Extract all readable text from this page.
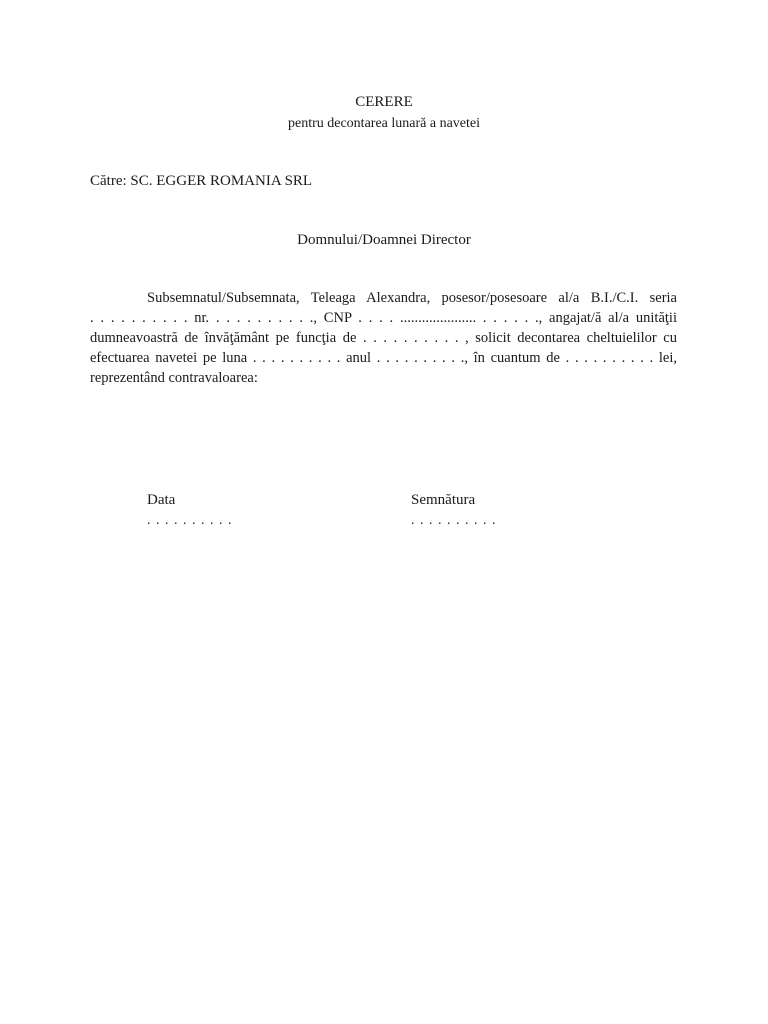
CERERE
pentru decontarea lunară a navetei
Către: SC. EGGER ROMANIA SRL
Domnului/Doamnei Director
Subsemnatul/Subsemnata, Teleaga Alexandra, posesor/posesoare al/a B.I./C.I. seria
. . . . . . . . . . nr. . . . . . . . . . ., CNP . . . . ..................... . . . . . ., angajat/ă al/a unităţii
dumneavoastră de învăţământ pe funcţia de . . . . . . . . . . , solicit decontarea cheltuielilor cu
efectuarea navetei pe luna . . . . . . . . . . anul . . . . . . . . . ., în cuantum de . . . . . . . . . . lei,
reprezentând contravaloarea:
Data
. . . . . . . . . .
Semnătura
. . . . . . . . . .
